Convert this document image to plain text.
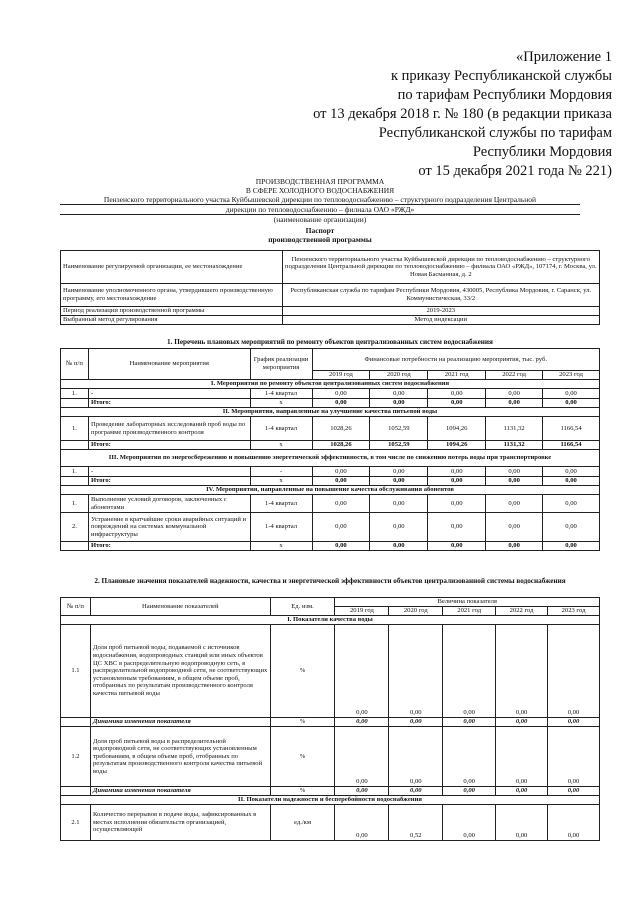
«Приложение 1
к приказу Республиканской службы
по тарифам Республики Мордовия
от 13 декабря 2018 г. № 180 (в редакции приказа
Республиканской службы по тарифам
Республики Мордовия
от 15 декабря 2021 года № 221)
ПРОИЗВОДСТВЕННАЯ ПРОГРАММА
В СФЕРЕ ХОЛОДНОГО ВОДОСНАБЖЕНИЯ
Пензенского территориального участка Куйбышевской дирекции по тепловодоснабжению – структурного подразделения Центральной
дирекции по тепловодоснабжению – филиала ОАО «РЖД»
(наименование организации)
Паспорт
производственной программы
Наименование регулируемой организации, ее местонахождение	Пензенского территориального участка Куйбышевской дирекции по тепловодоснабжению – структурного подразделения Центральной дирекции по тепловодоснабжению – филиала ОАО «РЖД», 107174, г. Москва, ул. Новая Басманная, д. 2
Наименование уполномоченного органа, утвердившего производственную программу, его местонахождение	Республиканская служба по тарифам Республики Мордовия, 430005, Республика Мордовия, г. Саранск, ул. Коммунистическая, 33/2
Период реализации производственной программы	2019-2023
Выбранный метод регулирования	Метод индексации
1. Перечень плановых мероприятий по ремонту объектов централизованных систем водоснабжения
№ п/п	Наименование мероприятия	График реализации мероприятия	Финансовые потребности на реализацию мероприятия, тыс. руб.				
			2019 год	2020 год	2021 год	2022 год	2023 год
I. Мероприятия по ремонту объектов централизованных систем водоснабжения							
1.	-	1-4 квартал	0,00	0,00	0,00	0,00	0,00
	Итого:	x	0,00	0,00	0,00	0,00	0,00
II. Мероприятия, направленные на улучшение качества питьевой воды							
1.	Проведение лабораторных исследований проб воды по программе производственного контроля	1-4 квартал	1028,26	1052,59	1094,26	1131,32	1166,54
	Итого:	x	1028,26	1052,59	1094,26	1131,32	1166,54
III. Мероприятия по энергосбережению и повышению энергетической эффективности, в том числе по снижению потерь воды при транспортировке							
1.	-	-	0,00	0,00	0,00	0,00	0,00
	Итого:	x	0,00	0,00	0,00	0,00	0,00
IV. Мероприятия, направленные на повышение качества обслуживания абонентов							
1.	Выполнение условий договоров, заключенных с абонентами	1-4 квартал	0,00	0,00	0,00	0,00	0,00
2.	Устранение в кратчайшие сроки аварийных ситуаций и повреждений на системах коммунальной инфраструктуры	1-4 квартал	0,00	0,00	0,00	0,00	0,00
	Итого:	x	0,00	0,00	0,00	0,00	0,00
2. Плановые значения показателей надежности, качества и энергетической эффективности объектов централизованной системы водоснабжения
№ п/п	Наименование показателей	Ед. изм.	Величина показателя				
			2019 год	2020 год	2021 год	2022 год	2023 год
I. Показатели качества воды							
1.1	Доля проб питьевой воды, подаваемой с источников водоснабжения, водопроводных станций или иных объектов ЦС ХВС в распределительную водопроводную сеть, в распределительной водопроводной сети, не соответствующих установленным требованиям, в общем объеме проб, отобранных по результатам производственного контроля качества питьевой воды	%	0,00	0,00	0,00	0,00	0,00
	Динамика изменения показателя	%	0,00	0,00	0,00	0,00	0,00
1.2	Доля проб питьевой воды в распределительной водопроводной сети, не соответствующих установленным требованиям, в общем объеме проб, отобранных по результатам производственного контроля качества питьевой воды	%	0,00	0,00	0,00	0,00	0,00
	Динамика изменения показателя	%	0,00	0,00	0,00	0,00	0,00
II. Показатели надежности и бесперебойности водоснабжения							
2.1	Количество перерывов в подаче воды, зафиксированных в местах исполнения обязательств организацией, осуществляющей	ед./км	0,00	0,52	0,00	0,00	0,00
